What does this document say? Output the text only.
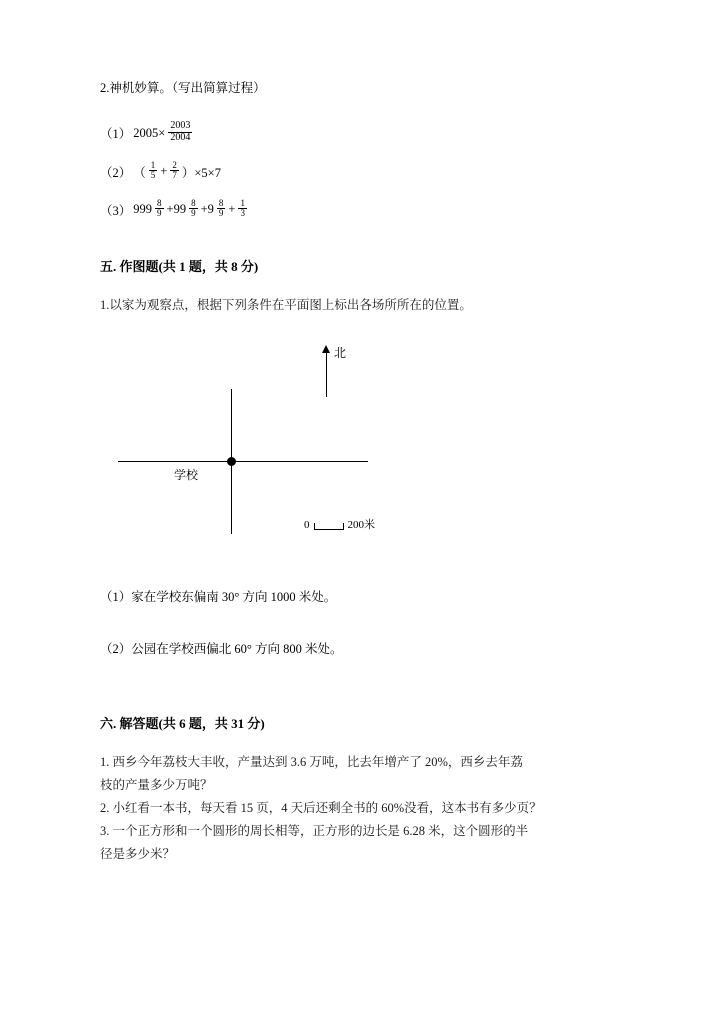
2.神机妙算。（写出简算过程）
（1） $2005\times \frac{2003}{2004}$
（2） （ $\frac{1}{5} + \frac{2}{7} )\times 5\times 7$
（3） $999 \frac{8}{9} +99 \frac{8}{9} +9 \frac{8}{9} + \frac{1}{3}$
五. 作图题(共 1 题，共 8 分)
1.以家为观察点，根据下列条件在平面图上标出各场所所在的位置。
学校
北
0	200米
（1）家在学校东偏南 30° 方向 1000 米处。
（2）公园在学校西偏北 60° 方向 800 米处。
六. 解答题(共 6 题，共 31 分)

1. 西乡今年荔枝大丰收，产量达到 3.6 万吨，比去年增产了 20%，西乡去年荔

枝的产量多少万吨？

2. 小红看一本书，每天看 15 页，4 天后还剩全书的 60%没看，这本书有多少页？

3. 一个正方形和一个圆形的周长相等，正方形的边长是 6.28 米，这个圆形的半

径是多少米？
